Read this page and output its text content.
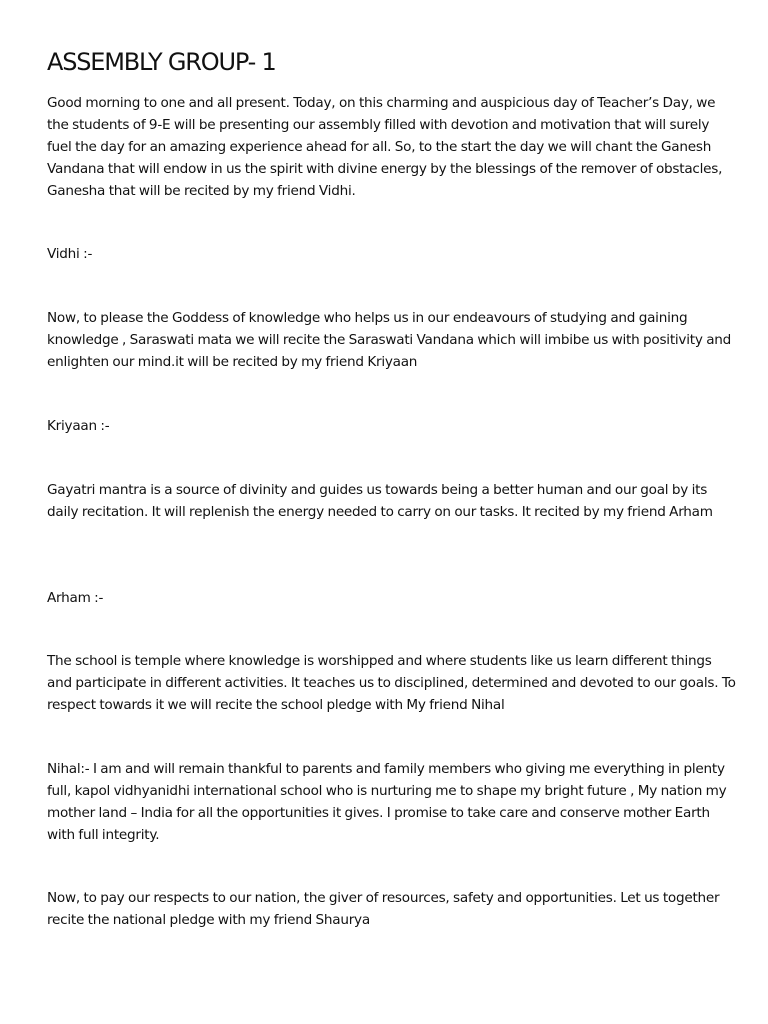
ASSEMBLY GROUP- 1

Good morning to one and all present. Today, on this charming and auspicious day of Teacher’s Day, we the students of 9-E will be presenting our assembly filled with devotion and motivation that will surely fuel the day for an amazing experience ahead for all. So, to the start the day we will chant the Ganesh Vandana that will endow in us the spirit with divine energy by the blessings of the remover of obstacles, Ganesha that will be recited by my friend Vidhi.

Vidhi :-

Now, to please the Goddess of knowledge who helps us in our endeavours of studying and gaining knowledge , Saraswati mata we will recite the Saraswati Vandana which will imbibe us with positivity and enlighten our mind.it will be recited by my friend Kriyaan

Kriyaan :-

Gayatri mantra is a source of divinity and guides us towards being a better human and our goal by its daily recitation. It will replenish the energy needed to carry on our tasks. It recited by my friend Arham

Arham :-

The school is temple where knowledge is worshipped and where students like us learn different things and participate in different activities. It teaches us to disciplined, determined and devoted to our goals. To respect towards it we will recite the school pledge with My friend Nihal

Nihal:- I am and will remain thankful to parents and family members who giving me everything in plenty full, kapol vidhyanidhi international school who is nurturing me to shape my bright future , My nation my mother land – India for all the opportunities it gives. I promise to take care and conserve mother Earth with full integrity.

Now, to pay our respects to our nation, the giver of resources, safety and opportunities. Let us together recite the national pledge with my friend Shaurya
